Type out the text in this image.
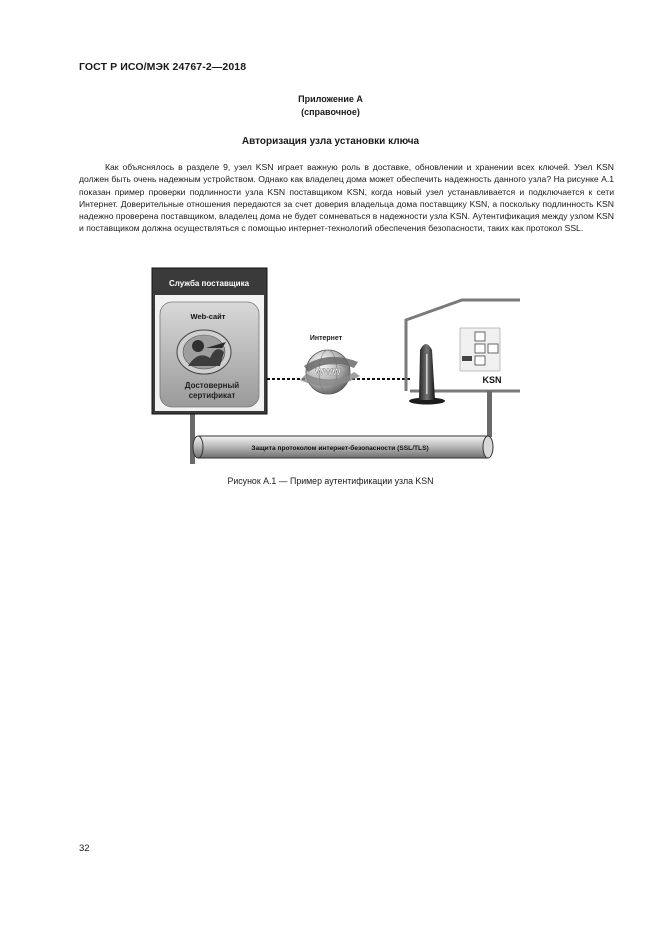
ГОСТ Р ИСО/МЭК 24767-2—2018
Приложение А
(справочное)
Авторизация узла установки ключа

Как объяснялось в разделе 9, узел KSN играет важную роль в доставке, обновлении и хранении всех ключей. Узел KSN должен быть очень надежным устройством. Однако как владелец дома может обеспечить надежность данного узла? На рисунке А.1 показан пример проверки подлинности узла KSN поставщиком KSN, когда новый узел устанавливается и подключается к сети Интернет. Доверительные отношения передаются за счет доверия владельца дома поставщику KSN, а поскольку подлинность KSN надежно проверена поставщиком, владелец дома не будет сомневаться в надежности узла KSN. Аутентификация между узлом KSN и поставщиком должна осуществляться с помощью интернет-технологий обеспечения безопасности, таких как протокол SSL.

Служба поставщика
Web-сайт
Достоверный
сертификат
Интернет
WWW
KSN
Защита протоколом интернет-безопасности (SSL/TLS)
Рисунок А.1 — Пример аутентификации узла KSN
32
